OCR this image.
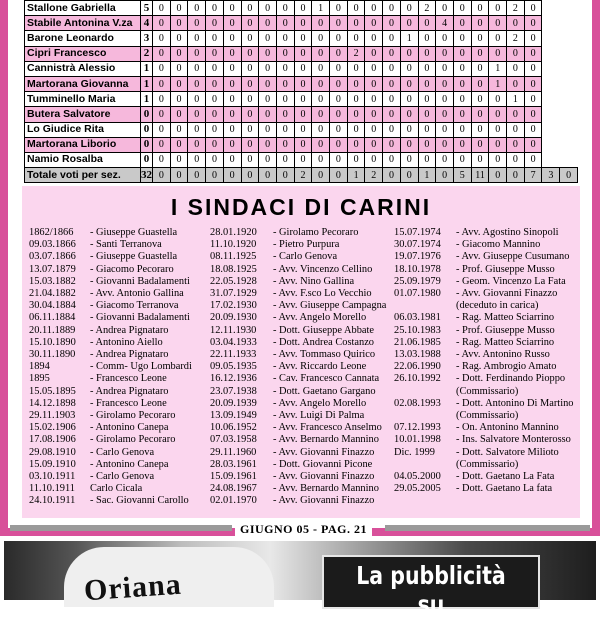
Stallone Gabriella	5	0	0	0	0	0	0	0	0	0	1	0	0	0	0	0	2	0	0	0	0	2	0		
Stabile Antonina V.za	4	0	0	0	0	0	0	0	0	0	0	0	0	0	0	0	0	4	0	0	0	0	0		
Barone Leonardo	3	0	0	0	0	0	0	0	0	0	0	0	0	0	0	1	0	0	0	0	0	2	0		
Cipri Francesco	2	0	0	0	0	0	0	0	0	0	0	0	2	0	0	0	0	0	0	0	0	0	0		
Cannistrà Alessio	1	0	0	0	0	0	0	0	0	0	0	0	0	0	0	0	0	0	0	0	1	0	0		
Martorana Giovanna	1	0	0	0	0	0	0	0	0	0	0	0	0	0	0	0	0	0	0	0	1	0	0		
Tumminello Maria	1	0	0	0	0	0	0	0	0	0	0	0	0	0	0	0	0	0	0	0	0	1	0		
Butera Salvatore	0	0	0	0	0	0	0	0	0	0	0	0	0	0	0	0	0	0	0	0	0	0	0		
Lo Giudice Rita	0	0	0	0	0	0	0	0	0	0	0	0	0	0	0	0	0	0	0	0	0	0	0		
Martorana Liborio	0	0	0	0	0	0	0	0	0	0	0	0	0	0	0	0	0	0	0	0	0	0	0		
Namio Rosalba	0	0	0	0	0	0	0	0	0	0	0	0	0	0	0	0	0	0	0	0	0	0	0		
Totale voti per sez.	32	0	0	0	0	0	0	0	0	2	0	0	1	2	0	0	1	0	5	11	0	0	7	3	0
I SINDACI DI CARINI
1862/1866	- Giuseppe Guastella
09.03.1866	- Santi Terranova
03.07.1866	- Giuseppe Guastella
13.07.1879	- Giacomo Pecoraro
15.03.1882	- Giovanni Badalamenti
21.04.1882	- Avv. Antonio Gallina
30.04.1884	- Giacomo Terranova
06.11.1884	- Giovanni Badalamenti
20.11.1889	- Andrea Pignataro
15.10.1890	- Antonino Aiello
30.11.1890	- Andrea Pignataro
1894	- Comm- Ugo Lombardi
1895	- Francesco Leone
15.05.1895	- Andrea Pignataro
14.12.1898	- Francesco Leone
29.11.1903	- Girolamo Pecoraro
15.02.1906	- Antonino Canepa
17.08.1906	- Girolamo Pecoraro
29.08.1910	- Carlo Genova
15.09.1910	- Antonino Canepa
03.10.1911	- Carlo Genova
11.10.1911	Carlo Cicala
24.10.1911	- Sac. Giovanni Carollo
28.01.1920	- Girolamo Pecoraro
11.10.1920	- Pietro Purpura
08.11.1925	- Carlo Genova
18.08.1925	- Avv. Vincenzo Cellino
22.05.1928	- Avv. Nino Gallina
31.07.1929	- Avv. F.sco Lo Vecchio
17.02.1930	- Avv. Giuseppe Campagna
20.09.1930	- Avv. Angelo Morello
12.11.1930	- Dott. Giuseppe Abbate
03.04.1933	- Dott. Andrea Costanzo
22.11.1933	- Avv. Tommaso Quirico
09.05.1935	- Avv. Riccardo Leone
16.12.1936	- Cav. Francesco Cannata
23.07.1938	- Dott. Gaetano Gargano
20.09.1939	- Avv. Angelo Morello
13.09.1949	- Avv. Luigi Di Palma
10.06.1952	- Avv. Francesco Anselmo
07.03.1958	- Avv. Bernardo Mannino
29.11.1960	- Avv. Giovanni Finazzo
28.03.1961	- Dott. Giovanni Picone
15.09.1961	- Avv. Giovanni Finazzo
24.08.1967	- Avv. Bernardo Mannino
02.01.1970	- Avv. Giovanni Finazzo
15.07.1974	- Avv. Agostino Sinopoli
30.07.1974	- Giacomo Mannino
19.07.1976	- Avv. Giuseppe Cusumano
18.10.1978	- Prof. Giuseppe Musso
25.09.1979	- Geom. Vincenzo La Fata
01.07.1980	- Avv. Giovanni Finazzo
(deceduto in carica)
06.03.1981	- Rag. Matteo Sciarrino
25.10.1983	- Prof. Giuseppe Musso
21.06.1985	- Rag. Matteo Sciarrino
13.03.1988	- Avv. Antonino Russo
22.06.1990	- Rag. Ambrogio Amato
26.10.1992	- Dott. Ferdinando Pioppo
(Commissario)
02.08.1993	- Dott. Antonino Di Martino
(Commissario)
07.12.1993	- On. Antonino Mannino
10.01.1998	- Ins. Salvatore Monterosso
Dic. 1999	- Dott. Salvatore Milioto
(Commissario)
04.05.2000	- Dott. Gaetano La Fata
29.05.2005	- Dott. Gaetano La fata
GIUGNO 05 - PAG. 21
Oriana	La pubblicità su
